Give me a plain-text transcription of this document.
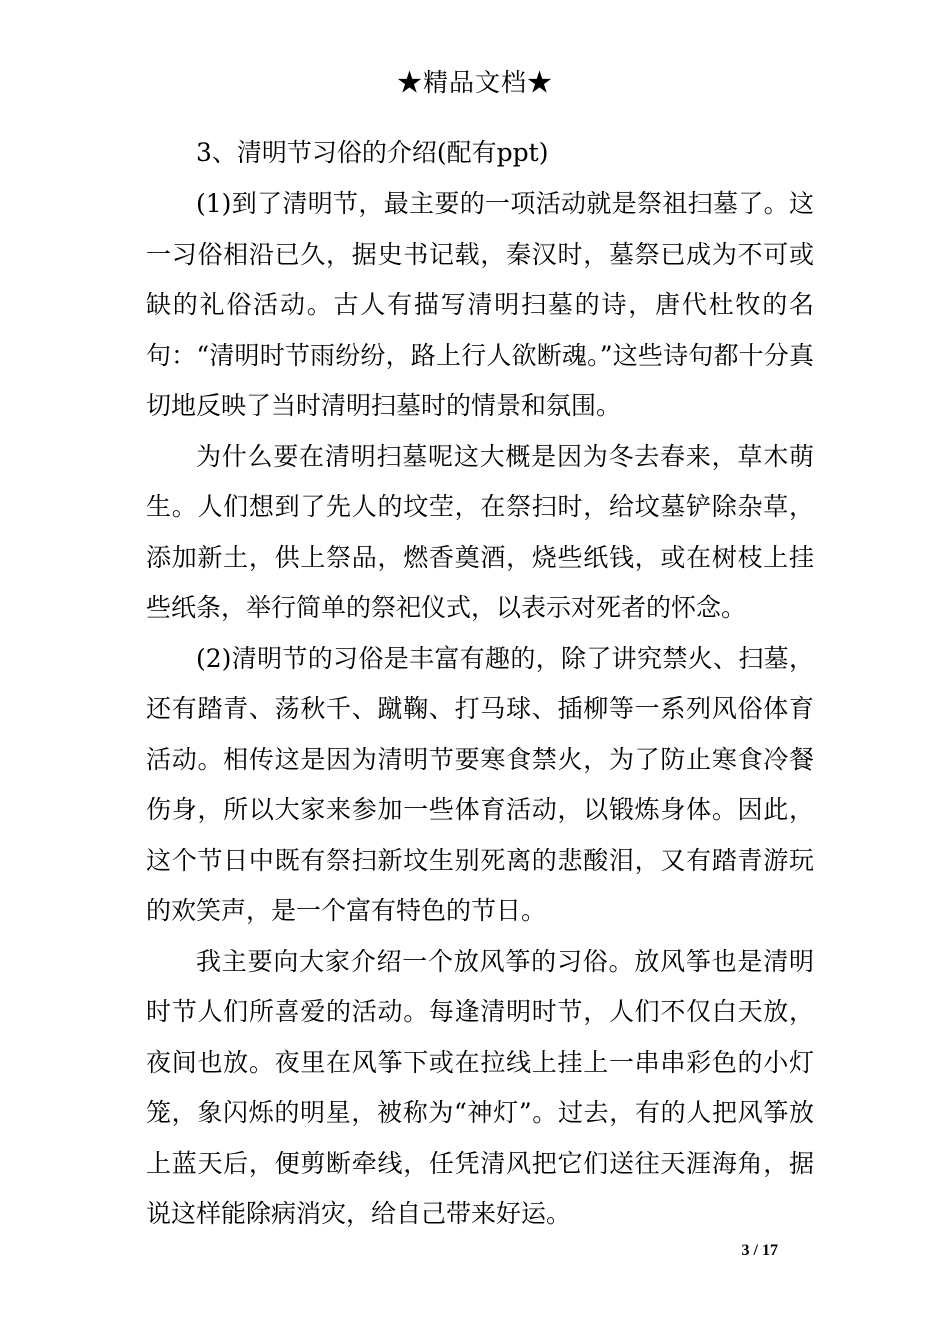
★精品文档★

3、清明节习俗的介绍(配有ppt)

(1)到了清明节，最主要的一项活动就是祭祖扫墓了。这一习俗相沿已久，据史书记载，秦汉时，墓祭已成为不可或缺的礼俗活动。古人有描写清明扫墓的诗，唐代杜牧的名句：“清明时节雨纷纷，路上行人欲断魂。”这些诗句都十分真切地反映了当时清明扫墓时的情景和氛围。

为什么要在清明扫墓呢这大概是因为冬去春来，草木萌生。人们想到了先人的坟茔，在祭扫时，给坟墓铲除杂草，添加新土，供上祭品，燃香奠酒，烧些纸钱，或在树枝上挂些纸条，举行简单的祭祀仪式，以表示对死者的怀念。

(2)清明节的习俗是丰富有趣的，除了讲究禁火、扫墓，还有踏青、荡秋千、蹴鞠、打马球、插柳等一系列风俗体育活动。相传这是因为清明节要寒食禁火，为了防止寒食冷餐伤身，所以大家来参加一些体育活动，以锻炼身体。因此，这个节日中既有祭扫新坟生别死离的悲酸泪，又有踏青游玩的欢笑声，是一个富有特色的节日。

我主要向大家介绍一个放风筝的习俗。放风筝也是清明时节人们所喜爱的活动。每逢清明时节，人们不仅白天放，夜间也放。夜里在风筝下或在拉线上挂上一串串彩色的小灯笼，象闪烁的明星，被称为“神灯”。过去，有的人把风筝放上蓝天后，便剪断牵线，任凭清风把它们送往天涯海角，据说这样能除病消灾，给自己带来好运。

3 / 17
